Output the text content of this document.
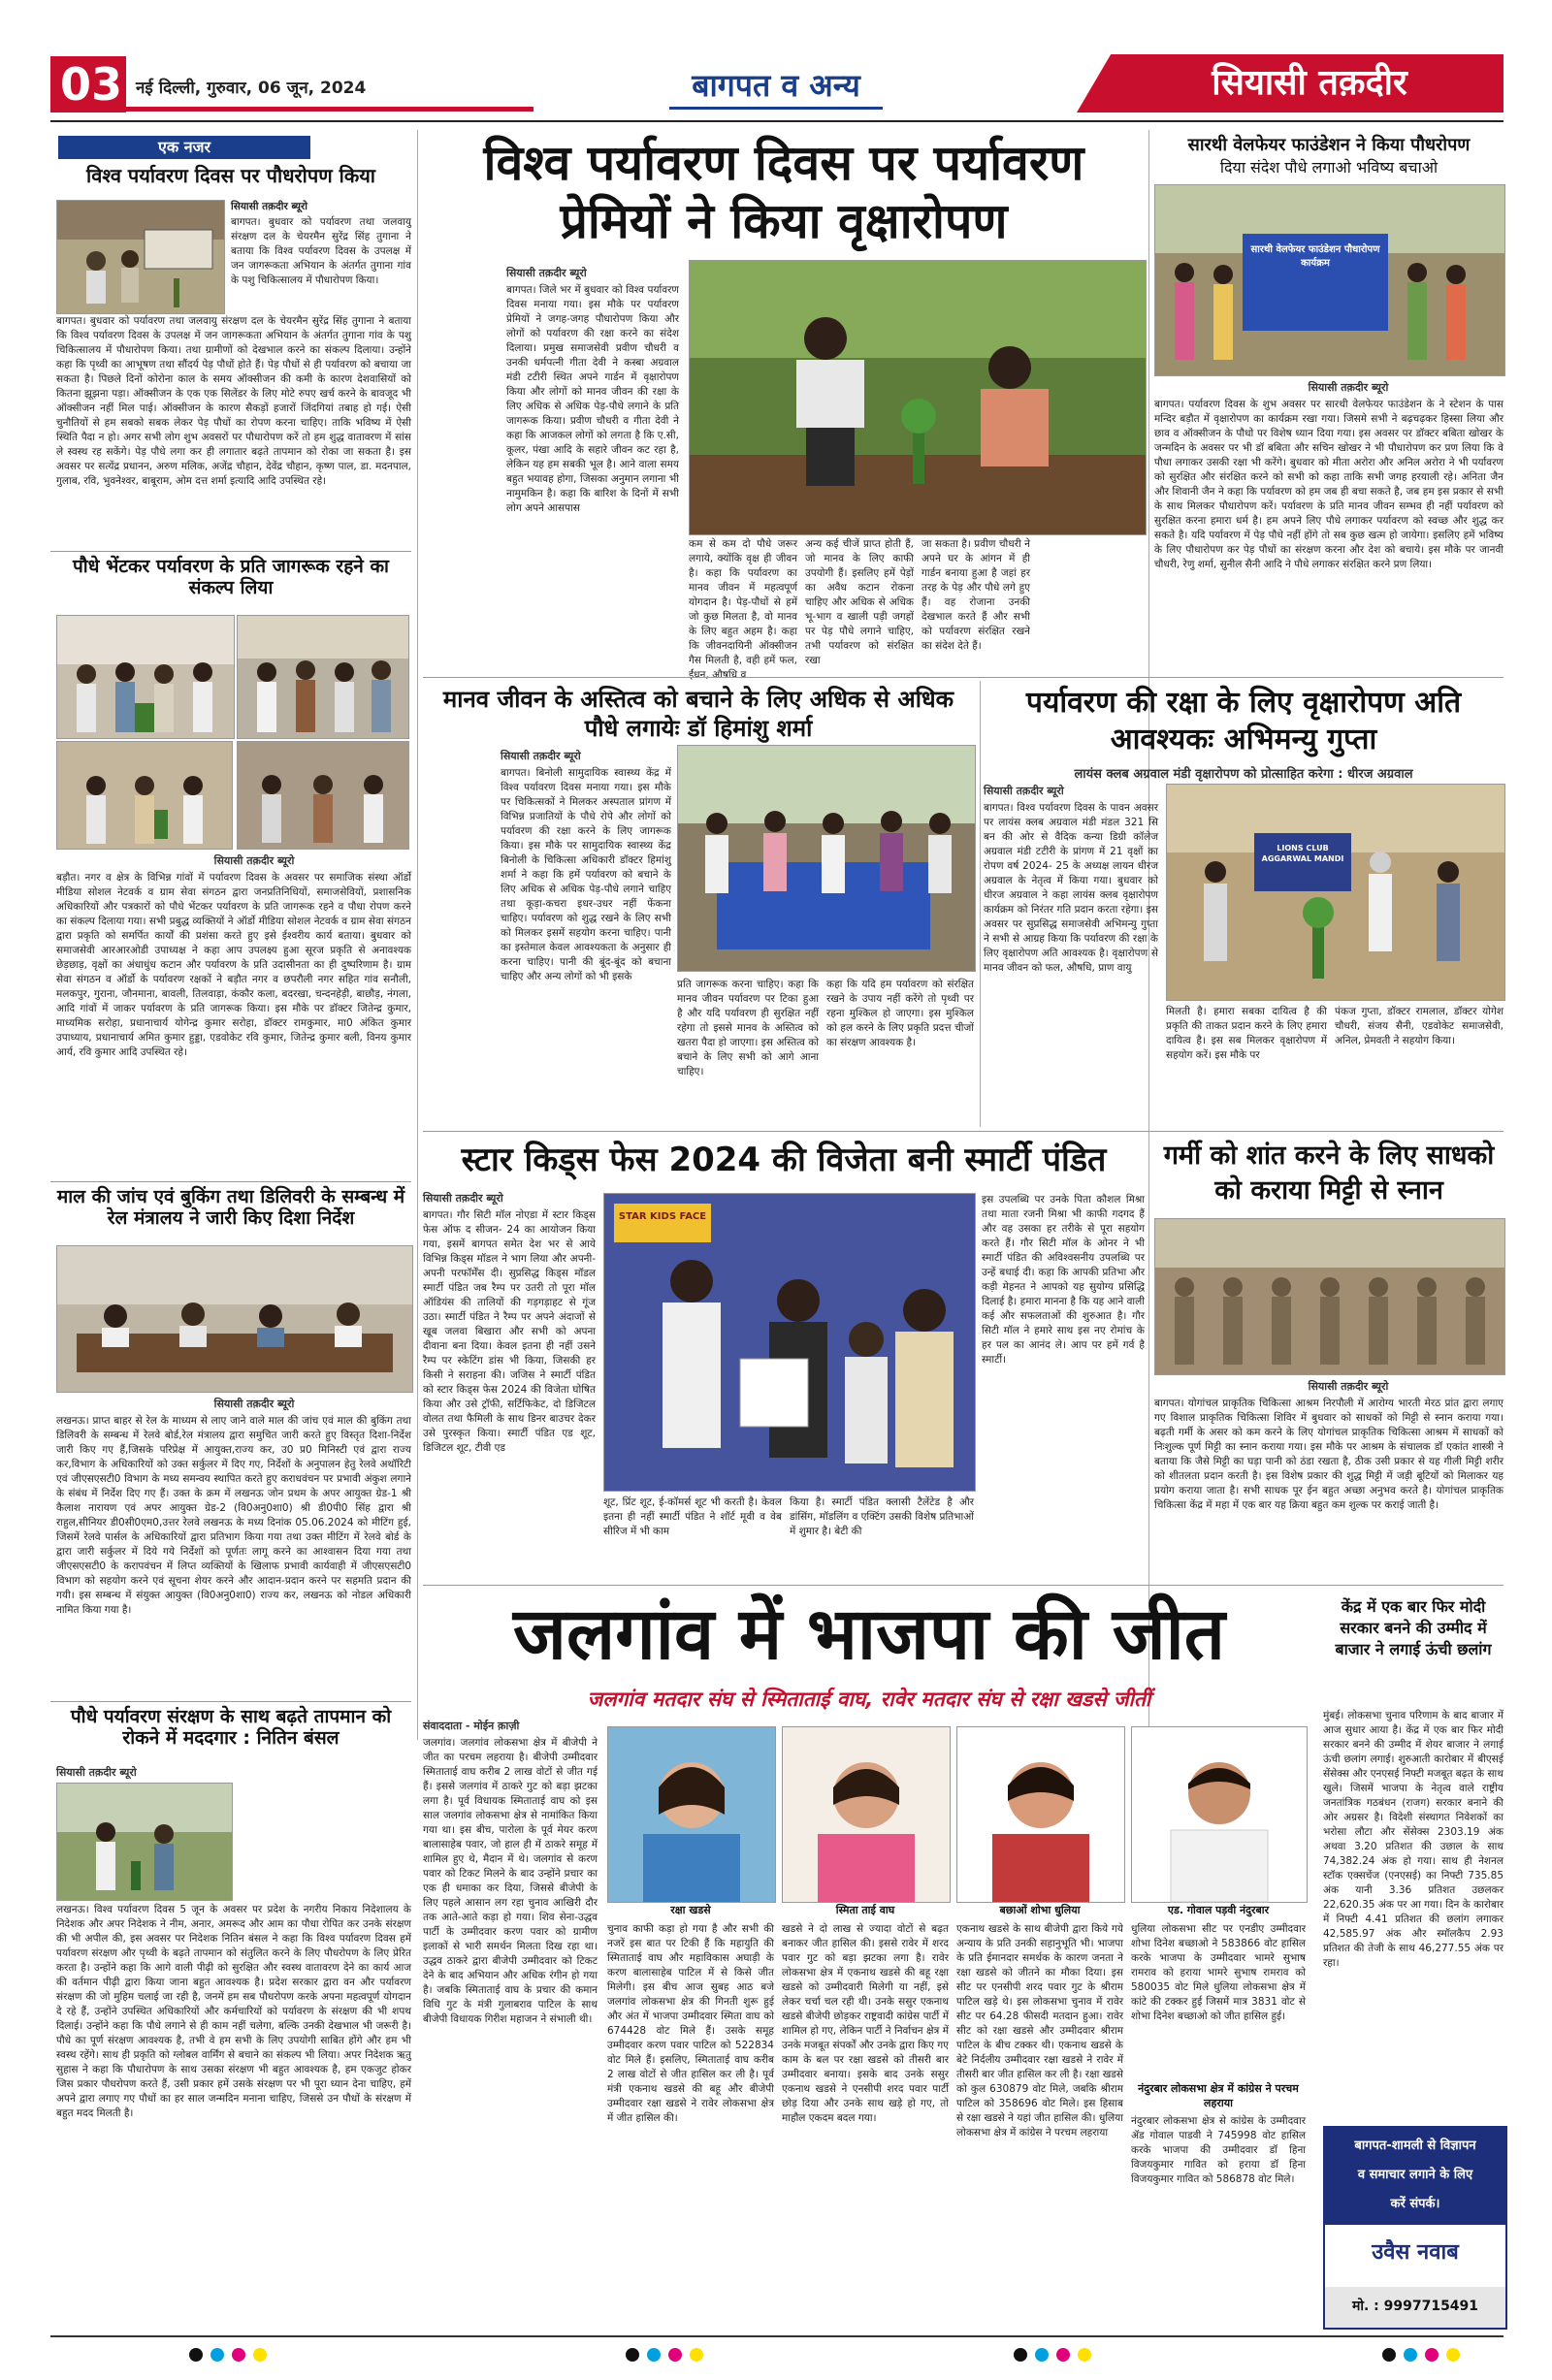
03 नई दिल्ली, गुरुवार, 06 जून, 2024	बागपत व अन्य	सियासी तक़दीर
एक नजर
विश्व पर्यावरण दिवस पर पौधरोपण किया
सियासी तक़दीर ब्यूरो
बागपत। बुधवार को पर्यावरण तथा जलवायु संरक्षण दल के चेयरमैन सुरेंद्र सिंह तुगाना ने बताया कि विश्व पर्यावरण दिवस के उपलक्ष में जन जागरूकता अभियान के अंतर्गत तुगाना गांव के पशु चिकित्सालय में पौधारोपण किया। तथा ग्रामीणों को देखभाल करने का संकल्प दिलाया। उन्होंने कहा कि पृथ्वी का आभूषण तथा सौंदर्य पेड़ पौधों होते हैं। पेड़ पौधों से ही पर्यावरण को बचाया जा सकता है। पिछले दिनों कोरोना काल के समय ऑक्सीजन की कमी के कारण देशवासियों को कितना झूझना पड़ा। ऑक्सीजन के एक एक सिलेंडर के लिए मोटे रुपए खर्च करने के बावजूद भी ऑक्सीजन नहीं मिल पाई। ऑक्सीजन के कारण सैकड़ों हजारों जिंदगियां तबाह हो गई। ऐसी चुनौतियों से हम सबको सबक लेकर पेड़ पौधों का रोपण करना चाहिए। ताकि भविष्य में ऐसी स्थिति पैदा न हो। अगर सभी लोग शुभ अवसरों पर पौधारोपण करें तो हम शुद्ध वातावरण में सांस ले स्वस्थ रह सकेंगे। पेड़ पौधे लगा कर ही लगातार बढ़ते तापमान को रोका जा सकता है। इस अवसर पर सत्येंद्र प्रधानन, अरुण मलिक, अजेंद्र चौहान, देवेंद्र चौहान, कृष्ण पाल, डा. मदनपाल, गुलाब, रवि, भुवनेश्वर, बाबूराम, ओम दत्त शर्मा इत्यादि आदि उपस्थित रहे।
बागपत। बुधवार को पर्यावरण तथा जलवायु संरक्षण दल के चेयरमैन सुरेंद्र सिंह तुगाना ने बताया कि विश्व पर्यावरण दिवस के उपलक्ष में जन जागरूकता अभियान के अंतर्गत तुगाना गांव के पशु चिकित्सालय में पौधारोपण किया।
पौधे भेंटकर पर्यावरण के प्रति जागरूक रहने का संकल्प लिया
सियासी तक़दीर ब्यूरो
बड़ौत। नगर व क्षेत्र के विभिन्न गांवों में पर्यावरण दिवस के अवसर पर समाजिक संस्था ऑर्डो मीडिया सोशल नेटवर्क व ग्राम सेवा संगठन द्वारा जनप्रतिनिधियों, समाजसेवियों, प्रशासनिक अधिकारियों और पत्रकारों को पौधे भेंटकर पर्यावरण के प्रति जागरूक रहने व पौधा रोपण करने का संकल्प दिलाया गया। सभी प्रबुद्ध व्यक्तियों ने ऑर्डो मीडिया सोशल नेटवर्क व ग्राम सेवा संगठन द्वारा प्रकृति को समर्पित कार्यों की प्रशंसा करते हुए इसे ईश्वरीय कार्य बताया। बुधवार को समाजसेवी आरआरओडी उपाध्यक्ष ने कहा आप उपलक्ष्य हुआ सूरज प्रकृति से अनावश्यक छेड़छाड़, वृक्षों का अंधाधुंध कटान और पर्यावरण के प्रति उदासीनता का ही दुष्परिणाम है। ग्राम सेवा संगठन व ऑर्डो के पर्यावरण रक्षकों ने बड़ौत नगर व छपरौली नगर सहित गांव सनौली, मलकपुर, गुराना, जौनमाना, बावली, तिलवाड़ा, कंकौर कला, बदरखा, चन्दनहेड़ी, बाछौड़, नंगला, आदि गांवों में जाकर पर्यावरण के प्रति जागरूक किया। इस मौके पर डॉक्टर जितेन्द्र कुमार, माध्यमिक सरोहा, प्रधानाचार्य योगेन्द्र कुमार सरोहा, डॉक्टर रामकुमार, मा0 अंकित कुमार उपाध्याय, प्रधानाचार्य अमित कुमार हुड्डा, एडवोकेट रवि कुमार, जितेन्द्र कुमार बली, विनय कुमार आर्य, रवि कुमार आदि उपस्थित रहे।
माल की जांच एवं बुकिंग तथा डिलिवरी के सम्बन्ध में रेल मंत्रालय ने जारी किए दिशा निर्देश
सियासी तक़दीर ब्यूरो
लखनऊ। प्राप्त बाहर से रेल के माध्यम से लाए जाने वाले माल की जांच एवं माल की बुकिंग तथा डिलिवरी के सम्बन्ध में रेलवे बोर्ड,रेल मंत्रालय द्वारा समुचित जारी करते हुए विस्तृत दिशा-निर्देश जारी किए गए हैं,जिसके परिप्रेक्ष में आयुक्त,राज्य कर, उ0 प्र0 मिनिस्टी एवं द्वारा राज्य कर,विभाग के अधिकारियों को उक्त सर्कुलर में दिए गए, निर्देशों के अनुपालन हेतु रेलवे अथॉरिटी एवं जीएसएसटी0 विभाग के मध्य समन्वय स्थापित करते हुए कराधवंचन पर प्रभावी अंकुश लगाने के संबंध में निर्देश दिए गए हैं। उक्त के क्रम में लखनऊ जोन प्रथम के अपर आयुक्त ग्रेड-1 श्री कैलाश नारायण एवं अपर आयुक्त ग्रेड-2 (वि0अनु0शा0) श्री डी0पी0 सिंह द्वारा श्री राहुल,सीनियर डी0सी0एम0,उत्तर रेलवे लखनऊ के मध्य दिनांक 05.06.2024 को मीटिंग हुई, जिसमें रेलवे पार्सल के अधिकारियों द्वारा प्रतिभाग किया गया तथा उक्त मीटिंग में रेलवे बोर्ड के द्वारा जारी सर्कुलर में दिये गये निर्देशों को पूर्णतः लागू करने का आश्वासन दिया गया तथा जीएसएसटी0 के करापवंचन में लिप्त व्यक्तियों के खिलाफ प्रभावी कार्यवाही में जीएसएसटी0 विभाग को सहयोग करने एवं सूचना शेयर करने और आदान-प्रदान करने पर सहमति प्रदान की गयी। इस सम्बन्ध में संयुक्त आयुक्त (वि0अनु0शा0) राज्य कर, लखनऊ को नोडल अधिकारी नामित किया गया है।
पौधे पर्यावरण संरक्षण के साथ बढ़ते तापमान को रोकने में मददगार : नितिन बंसल
सियासी तक़दीर ब्यूरो
लखनऊ। विश्व पर्यावरण दिवस 5 जून के अवसर पर प्रदेश के नगरीय निकाय निदेशालय के निदेशक और अपर निदेशक ने नीम, अनार, अमरूद और आम का पौधा रोपित कर उनके संरक्षण की भी अपील की, इस अवसर पर निदेशक नितिन बंसल ने कहा कि विश्व पर्यावरण दिवस हमें पर्यावरण संरक्षण और पृथ्वी के बढ़ते तापमान को संतुलित करने के लिए पौधरोपण के लिए प्रेरित करता है। उन्होंने कहा कि आगे वाली पीढ़ी को सुरक्षित और स्वस्थ वातावरण देने का कार्य आज की वर्तमान पीढ़ी द्वारा किया जाना बहुत आवश्यक है। प्रदेश सरकार द्वारा वन और पर्यावरण संरक्षण की जो मुहिम चलाई जा रही है, जनमें हम सब पौधरोपण करके अपना महत्वपूर्ण योगदान दे रहे हैं, उन्होंने उपस्थित अधिकारियों और कर्मचारियों को पर्यावरण के संरक्षण की भी शपथ दिलाई। उन्होंने कहा कि पौधे लगाने से ही काम नहीं चलेगा, बल्कि उनकी देखभाल भी जरूरी है। पौधे का पूर्ण संरक्षण आवश्यक है, तभी वे हम सभी के लिए उपयोगी साबित होंगे और हम भी स्वस्थ रहेंगे। साथ ही प्रकृति को ग्लोबल वार्मिंग से बचाने का संकल्प भी लिया। अपर निदेशक ऋतु सुहास ने कहा कि पौधारोपण के साथ उसका संरक्षण भी बहुत आवश्यक है, हम एकजुट होकर जिस प्रकार पौधरोपण करते हैं, उसी प्रकार हमें उसके संरक्षण पर भी पूरा ध्यान देना चाहिए, हमें अपने द्वारा लगाए गए पौधों का हर साल जन्मदिन मनाना चाहिए, जिससे उन पौधों के संरक्षण में बहुत मदद मिलती है।
विश्व पर्यावरण दिवस पर पर्यावरण प्रेमियों ने किया वृक्षारोपण
सियासी तक़दीर ब्यूरो
बागपत। जिले भर में बुधवार को विश्व पर्यावरण दिवस मनाया गया। इस मौके पर पर्यावरण प्रेमियों ने जगह-जगह पौधारोपण किया और लोगों को पर्यावरण की रक्षा करने का संदेश दिलाया। प्रमुख समाजसेवी प्रवीण चौधरी व उनकी धर्मपत्नी गीता देवी ने कस्बा अग्रवाल मंडी टटीरी स्थित अपने गार्डन में वृक्षारोपण किया और लोगों को मानव जीवन की रक्षा के लिए अधिक से अधिक पेड़-पौधे लगाने के प्रति जागरूक किया। प्रवीण चौधरी व गीता देवी ने कहा कि आजकल लोगों को लगता है कि ए.सी, कूलर, पंखा आदि के सहारे जीवन कट रहा है, लेकिन यह हम सबकी भूल है। आने वाला समय बहुत भयावह होगा, जिसका अनुमान लगाना भी नामुमकिन है। कहा कि बारिश के दिनों में सभी लोग अपने आसपास
कम से कम दो पौधे जरूर लगाये, क्योंकि वृक्ष ही जीवन है। कहा कि पर्यावरण का मानव जीवन में महत्वपूर्ण योगदान है। पेड़-पौधों से हमें जो कुछ मिलता है, वो मानव के लिए बहुत अहम है। कहा कि जीवनदायिनी ऑक्सीजन गैस मिलती है, वही हमें फल, ईंधन, औषधि व
अन्य कई चीजें प्राप्त होती हैं, जो मानव के लिए काफी उपयोगी हैं। इसलिए हमें पेड़ों का अवैध कटान रोकना चाहिए और अधिक से अधिक भू-भाग व खाली पड़ी जगहों पर पेड़ पौधे लगाने चाहिए, तभी पर्यावरण को संरक्षित रखा
जा सकता है। प्रवीण चौधरी ने अपने घर के आंगन में ही गार्डन बनाया हुआ है जहां हर तरह के पेड़ और पौधे लगे हुए हैं। वह रोजाना उनकी देखभाल करते हैं और सभी को पर्यावरण संरक्षित रखने का संदेश देते हैं।
सारथी वेलफेयर फाउंडेशन ने किया पौधरोपण
दिया संदेश पौधे लगाओ भविष्य बचाओ
सारथी वेलफेयर फाउंडेशन पौधारोपण कार्यक्रम
सियासी तक़दीर ब्यूरो
बागपत। पर्यावरण दिवस के शुभ अवसर पर सारथी वेलफेयर फाउंडेशन के ने स्टेशन के पास मन्दिर बड़ौत में वृक्षारोपण का कार्यक्रम रखा गया। जिसमे सभी ने बढ़चढ़कर हिस्सा लिया और छाव व ऑक्सीजन के पौधो पर विशेष ध्यान दिया गया। इस अवसर पर डॉक्टर बबिता खोखर के जन्मदिन के अवसर पर भी डॉ बबिता और सचिन खोखर ने भी पौधारोपण कर प्रण लिया कि वे पौधा लगाकर उसकी रक्षा भी करेंगे। बुधवार को मीता अरोरा और अनिल अरोरा ने भी पर्यावरण को सुरक्षित और संरक्षित करने को सभी को कहा ताकि सभी जगह हरयाली रहे। अनिता जैन और शिवानी जैन ने कहा कि पर्यावरण को हम जब ही बचा सकते है, जब हम इस प्रकार से सभी के साथ मिलकर पौधारोपण करें। पर्यावरण के प्रति मानव जीवन सम्भव ही नहीं पर्यावरण को सुरक्षित करना हमारा धर्म है। हम अपने लिए पौधे लगाकर पर्यावरण को स्वच्छ और शुद्ध कर सकते है। यदि पर्यावरण में पेड़ पौधे नहीं होंगे तो सब कुछ खत्म हो जायेगा। इसलिए हमें भविष्य के लिए पौधारोपण कर पेड़ पौधों का संरक्षण करना और देश को बचाये। इस मौके पर जानवी चौधरी, रेणु शर्मा, सुनील सैनी आदि ने पौधे लगाकर संरक्षित करने प्रण लिया।
मानव जीवन के अस्तित्व को बचाने के लिए अधिक से अधिक पौधे लगायेः डॉ हिमांशु शर्मा
सियासी तक़दीर ब्यूरो
बागपत। बिनोली सामुदायिक स्वास्थ्य केंद्र में विश्व पर्यावरण दिवस मनाया गया। इस मौके पर चिकित्सकों ने मिलकर अस्पताल प्रांगण में विभिन्न प्रजातियों के पौधे रोपे और लोगों को पर्यावरण की रक्षा करने के लिए जागरूक किया। इस मौके पर सामुदायिक स्वास्थ्य केंद्र बिनोली के चिकित्सा अधिकारी डॉक्टर हिमांशु शर्मा ने कहा कि हमें पर्यावरण को बचाने के लिए अधिक से अधिक पेड़-पौधे लगाने चाहिए तथा कूड़ा-कचरा इधर-उधर नहीं फेंकना चाहिए। पर्यावरण को शुद्ध रखने के लिए सभी को मिलकर इसमें सहयोग करना चाहिए। पानी का इस्तेमाल केवल आवश्यकता के अनुसार ही करना चाहिए। पानी की बूंद-बूंद को बचाना चाहिए और अन्य लोगों को भी इसके
प्रति जागरूक करना चाहिए। कहा कि मानव जीवन पर्यावरण पर टिका हुआ है और यदि पर्यावरण ही सुरक्षित नहीं रहेगा तो इससे मानव के अस्तित्व को खतरा पैदा हो जाएगा। इस अस्तित्व को बचाने के लिए सभी को आगे आना चाहिए।
कहा कि यदि हम पर्यावरण को संरक्षित रखने के उपाय नहीं करेंगे तो पृथ्वी पर रहना मुश्किल हो जाएगा। इस मुश्किल को हल करने के लिए प्रकृति प्रदत्त चीजों का संरक्षण आवश्यक है।
पर्यावरण की रक्षा के लिए वृक्षारोपण अति आवश्यकः अभिमन्यु गुप्ता
लायंस क्लब अग्रवाल मंडी वृक्षारोपण को प्रोत्साहित करेगा : धीरज अग्रवाल
सियासी तक़दीर ब्यूरो
बागपत। विश्व पर्यावरण दिवस के पावन अवसर पर लायंस क्लब अग्रवाल मंडी मंडल 321 सि बन की ओर से वैदिक कन्या डिग्री कॉलेज अग्रवाल मंडी टटीरी के प्रांगण में 21 वृक्षों का रोपण वर्ष 2024- 25 के अध्यक्ष लायन धीरज अग्रवाल के नेतृत्व में किया गया। बुधवार को धीरज अग्रवाल ने कहा लायंस क्लब वृक्षारोपण कार्यक्रम को निरंतर गति प्रदान करता रहेगा। इस अवसर पर सुप्रसिद्ध समाजसेवी अभिमन्यु गुप्ता ने सभी से आग्रह किया कि पर्यावरण की रक्षा के लिए वृक्षारोपण अति आवश्यक है। वृक्षारोपण से मानव जीवन को फल, औषधि, प्राण वायु
LIONS CLUB AGGARWAL MANDI
मिलती है। हमारा सबका दायित्व है की प्रकृति की ताकत प्रदान करने के लिए हमारा दायित्व है। इस सब मिलकर वृक्षारोपण में सहयोग करें। इस मौके पर
पंकज गुप्ता, डॉक्टर रामलाल, डॉक्टर योगेश चौधरी, संजय सैनी, एडवोकेट समाजसेवी, अनिल, प्रेमवती ने सहयोग किया।
स्टार किड्स फेस 2024 की विजेता बनी स्मार्टी पंडित
सियासी तक़दीर ब्यूरो
बागपत। गौर सिटी मॉल नोएडा में स्टार किड्स फेस ऑफ द सीजन- 24 का आयोजन किया गया, इसमें बागपत समेत देश भर से आये विभिन्न किड्स मॉडल ने भाग लिया और अपनी-अपनी परफॉर्मेंस दी। सुप्रसिद्ध किड्स मॉडल स्मार्टी पंडित जब रैम्प पर उतरी तो पूरा मॉल ऑडियंस की तालियों की गड़गड़ाहट से गूंज उठा। स्मार्टी पंडित ने रैम्प पर अपने अंदाजों से खूब जलवा बिखारा और सभी को अपना दीवाना बना दिया। केवल इतना ही नहीं उसने रैम्प पर स्केटिंग डांस भी किया, जिसकी हर किसी ने सराहना की। जजिस ने स्मार्टी पंडित को स्टार किड्स फेस 2024 की विजेता घोषित किया और उसे ट्रॉफी, सर्टिफिकेट, दो डिजिटल वोलत तथा फैमिली के साथ डिनर बाउचर देकर उसे पुरस्कृत किया। स्मार्टी पंडित एड शूट, डिजिटल शूट, टीवी एड
STAR KIDS FACE
शूट, प्रिंट शूट, ई-कॉमर्स शूट भी करती है। केवल इतना ही नहीं स्मार्टी पंडित ने शॉर्ट मूवी व वेब सीरिज में भी काम
किया है। स्मार्टी पंडित क्लासी टैलेंटेड है और डांसिंग, मॉडलिंग व एक्टिंग उसकी विशेष प्रतिभाओं में शुमार है। बेटी की
इस उपलब्धि पर उनके पिता कौशल मिश्रा तथा माता रजनी मिश्रा भी काफी गदगद हैं और वह उसका हर तरीके से पूरा सहयोग करते हैं। गौर सिटी मॉल के ओनर ने भी स्मार्टी पंडित की अविश्वसनीय उपलब्धि पर उन्हें बधाई दी। कहा कि आपकी प्रतिभा और कड़ी मेहनत ने आपको यह सुयोग्य प्रसिद्धि दिलाई है। हमारा मानना है कि यह आने वाली कई और सफलताओं की शुरुआत है। गौर सिटी मॉल ने हमारे साथ इस नए रोमांच के हर पल का आनंद ले। आप पर हमें गर्व है स्मार्टी।
गर्मी को शांत करने के लिए साधको को कराया मिट्टी से स्नान
सियासी तक़दीर ब्यूरो
बागपत। योगांचल प्राकृतिक चिकित्सा आश्रम निरपौली में आरोग्य भारती मेरठ प्रांत द्वारा लगाए गए विशाल प्राकृतिक चिकित्सा शिविर में बुधवार को साधकों को मिट्टी से स्नान कराया गया। बढ़ती गर्मी के असर को कम करने के लिए योगांचल प्राकृतिक चिकित्सा आश्रम में साधकों को निःशुल्क पूर्ण मिट्टी का स्नान कराया गया। इस मौके पर आश्रम के संचालक डॉ एकांत शास्त्री ने बताया कि जैसे मिट्टी का घड़ा पानी को ठंडा रखता है, ठीक उसी प्रकार से यह गीली मिट्टी शरीर को शीतलता प्रदान करती है। इस विशेष प्रकार की शुद्ध मिट्टी में जड़ी बूटियों को मिलाकर यह प्रयोग कराया जाता है। सभी साधक पूर ईन बहुत अच्छा अनुभव करते है। योगांचल प्राकृतिक चिकित्सा केंद्र में महा में एक बार यह क्रिया बहुत कम शुल्क पर कराई जाती है।
जलगांव में भाजपा की जीत
जलगांव मतदार संघ से स्मिताताई वाघ, रावेर मतदार संघ से रक्षा खडसे जीतीं
संवाददाता - मोईन क़ाज़ी
जलगांव। जलगांव लोकसभा क्षेत्र में बीजेपी ने जीत का परचम लहराया है। बीजेपी उम्मीदवार स्मिताताई वाघ करीब 2 लाख वोटों से जीत गई हैं। इससे जलगांव में ठाकरे गुट को बड़ा झटका लगा है। पूर्व विधायक स्मिताताई वाघ को इस साल जलगांव लोकसभा क्षेत्र से नामांकित किया गया था। इस बीच, पारोला के पूर्व मेयर करण बालासाहेब पवार, जो हाल ही में ठाकरे समूह में शामिल हुए थे, मैदान में थे। जलगांव से करण पवार को टिकट मिलने के बाद उन्होंने प्रचार का एक ही धमाका कर दिया, जिससे बीजेपी के लिए पहले आसान लग रहा चुनाव आखिरी दौर तक आते-आते कड़ा हो गया। शिव सेना-उद्धव पार्टी के उम्मीदवार करण पवार को ग्रामीण इलाकों से भारी समर्थन मिलता दिख रहा था। उद्धव ठाकरे द्वारा बीजेपी उम्मीदवार को टिकट देने के बाद अभियान और अधिक रंगीन हो गया है। जबकि स्मिताताई वाघ के प्रचार की कमान विधि गुट के मंत्री गुलाबराव पाटिल के साथ बीजेपी विधायक गिरीश महाजन ने संभाली थी।
रक्षा खडसे	स्मिता ताई वाघ	बछाओं शोभा धुलिया	एड. गोवाल पड़वी नंदुरबार
चुनाव काफी कड़ा हो गया है और सभी की नजरें इस बात पर टिकी हैं कि महायुति की स्मिताताई वाघ और महाविकास अघाड़ी के करण बालासाहेब पाटिल में से किसे जीत मिलेगी। इस बीच आज सुबह आठ बजे जलगांव लोकसभा क्षेत्र की गिनती शुरू हुई और अंत में भाजपा उम्मीदवार स्मिता वाघ को 674428 वोट मिले हैं। उसके समूह उम्मीदवार करण पवार पाटिल को 522834 वोट मिले हैं। इसलिए, स्मिताताई वाघ करीब 2 लाख वोटों से जीत हासिल कर ली है। पूर्व मंत्री एकनाथ खडसे की बहू और बीजेपी उम्मीदवार रक्षा खडसे ने रावेर लोकसभा क्षेत्र में जीत हासिल की।
खडसे ने दो लाख से ज्यादा वोटों से बढ़त बनाकर जीत हासिल की। इससे रावेर में शरद पवार गुट को बड़ा झटका लगा है। रावेर लोकसभा क्षेत्र में एकनाथ खडसे की बहू रक्षा खडसे को उम्मीदवारी मिलेगी या नहीं, इसे लेकर चर्चा चल रही थी। उनके ससुर एकनाथ खडसे बीजेपी छोड़कर राष्ट्रवादी कांग्रेस पार्टी में शामिल हो गए, लेकिन पार्टी ने निर्वाचन क्षेत्र में उनके मजबूत संपर्कों और उनके द्वारा किए गए काम के बल पर रक्षा खडसे को तीसरी बार उम्मीदवार बनाया। इसके बाद उनके ससुर एकनाथ खडसे ने एनसीपी शरद पवार पार्टी छोड़ दिया और उनके साथ खड़े हो गए, तो माहौल एकदम बदल गया।
एकनाथ खडसे के साथ बीजेपी द्वारा किये गये अन्याय के प्रति उनकी सहानुभूति भी। भाजपा के प्रति ईमानदार समर्थक के कारण जनता ने रक्षा खडसे को जीतने का मौका दिया। इस सीट पर एनसीपी शरद पवार गुट के श्रीराम पाटिल खड़े थे। इस लोकसभा चुनाव में रावेर सीट पर 64.28 फीसदी मतदान हुआ। रावेर सीट को रक्षा खडसे और उम्मीदवार श्रीराम पाटिल के बीच टक्कर थी। एकनाथ खडसे के बेटे निर्दलीय उम्मीदवार रक्षा खडसे ने रावेर में तीसरी बार जीत हासिल कर ली है। रक्षा खडसे को कुल 630879 वोट मिले, जबकि श्रीराम पाटिल को 358696 वोट मिले। इस हिसाब से रक्षा खडसे ने यहां जीत हासिल की। धुलिया लोकसभा क्षेत्र में कांग्रेस ने परचम लहराया
धुलिया लोकसभा सीट पर एनडीए उम्मीदवार शोभा दिनेश बच्छाओ ने 583866 वोट हासिल करके भाजपा के उम्मीदवार भामरे सुभाष रामराव को हराया भामरे सुभाष रामराव को 580035 वोट मिले धुलिया लोकसभा क्षेत्र में कांटे की टक्कर हुई जिसमें मात्र 3831 वोट से शोभा दिनेश बच्छाओ को जीत हासिल हुई।
नंदुरबार लोकसभा क्षेत्र में कांग्रेस ने परचम लहराया
नंदुरबार लोकसभा क्षेत्र से कांग्रेस के उम्मीदवार ॲड गोवाल पाडवी ने 745998 वोट हासिल करके भाजपा की उम्मीदवार डॉ हिना विजयकुमार गावित को हराया डॉ हिना विजयकुमार गावित को 586878 वोट मिले।
केंद्र में एक बार फिर मोदी सरकार बनने की उम्मीद में बाजार ने लगाई ऊंची छलांग
मुंबई। लोकसभा चुनाव परिणाम के बाद बाजार में आज सुधार आया है। केंद्र में एक बार फिर मोदी सरकार बनने की उम्मीद में शेयर बाजार ने लगाई ऊंची छलांग लगाई। शुरुआती कारोबार में बीएसई सेंसेक्स और एनएसई निफ्टी मजबूत बढ़त के साथ खुले। जिसमें भाजपा के नेतृत्व वाले राष्ट्रीय जनतांत्रिक गठबंधन (राजग) सरकार बनाने की ओर अग्रसर है। विदेशी संस्थागत निवेशकों का भरोसा लौटा और सेंसेक्स 2303.19 अंक अथवा 3.20 प्रतिशत की उछाल के साथ 74,382.24 अंक हो गया। साथ ही नेशनल स्टॉक एक्सचेंज (एनएसई) का निफ्टी 735.85 अंक यानी 3.36 प्रतिशत उछलकर 22,620.35 अंक पर आ गया। दिन के कारोबार में निफ्टी 4.41 प्रतिशत की छलांग लगाकर 42,585.97 अंक और स्मॉलकैप 2.93 प्रतिशत की तेजी के साथ 46,277.55 अंक पर रहा।
बागपत-शामली से विज्ञापन
व समाचार लगाने के लिए
करें संपर्क।
उवैस नवाब
मो. : 9997715491
